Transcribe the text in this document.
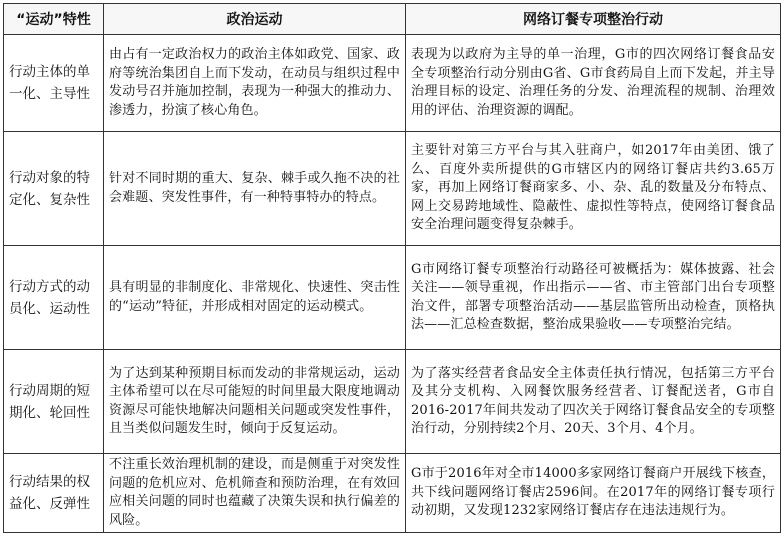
“运动”特性	政治运动	网络订餐专项整治行动
行动主体的单一化、主导性	由占有一定政治权力的政治主体如政党、国家、政府等统治集团自上而下发动，在动员与组织过程中发动号召并施加控制，表现为一种强大的推动力、渗透力，扮演了核心角色。	表现为以政府为主导的单一治理，G市的四次网络订餐食品安全专项整治行动分别由G省、G市食药局自上而下发起，并主导治理目标的设定、治理任务的分发、治理流程的规制、治理效用的评估、治理资源的调配。
行动对象的特定化、复杂性	针对不同时期的重大、复杂、棘手或久拖不决的社会难题、突发性事件，有一种特事特办的特点。	主要针对第三方平台与其入驻商户，如2017年由美团、饿了么、百度外卖所提供的G市辖区内的网络订餐店共约3.65万家，再加上网络订餐商家多、小、杂、乱的数量及分布特点、网上交易跨地域性、隐蔽性、虚拟性等特点，使网络订餐食品安全治理问题变得复杂棘手。
行动方式的动员化、运动性	具有明显的非制度化、非常规化、快速性、突击性的“运动”特征，并形成相对固定的运动模式。	G市网络订餐专项整治行动路径可被概括为：媒体披露、社会关注——领导重视，作出指示——省、市主管部门出台专项整治文件，部署专项整治活动——基层监管所出动检查，顶格执法——汇总检查数据，整治成果验收——专项整治完结。
行动周期的短期化、轮回性	为了达到某种预期目标而发动的非常规运动，运动主体希望可以在尽可能短的时间里最大限度地调动资源尽可能快地解决问题相关问题或突发性事件，且当类似问题发生时，倾向于反复运动。	为了落实经营者食品安全主体责任执行情况，包括第三方平台及其分支机构、入网餐饮服务经营者、订餐配送者，G市自2016-2017年间共发动了四次关于网络订餐食品安全的专项整治行动，分别持续2个月、20天、3个月、4个月。
行动结果的权益化、反弹性	不注重长效治理机制的建设，而是侧重于对突发性问题的危机应对、危机筛查和预防治理，在有效回应相关问题的同时也蕴藏了决策失误和执行偏差的风险。	G市于2016年对全市14000多家网络订餐商户开展线下核查，共下线问题网络订餐店2596间。在2017年的网络订餐专项行动初期，又发现1232家网络订餐店存在违法违规行为。
